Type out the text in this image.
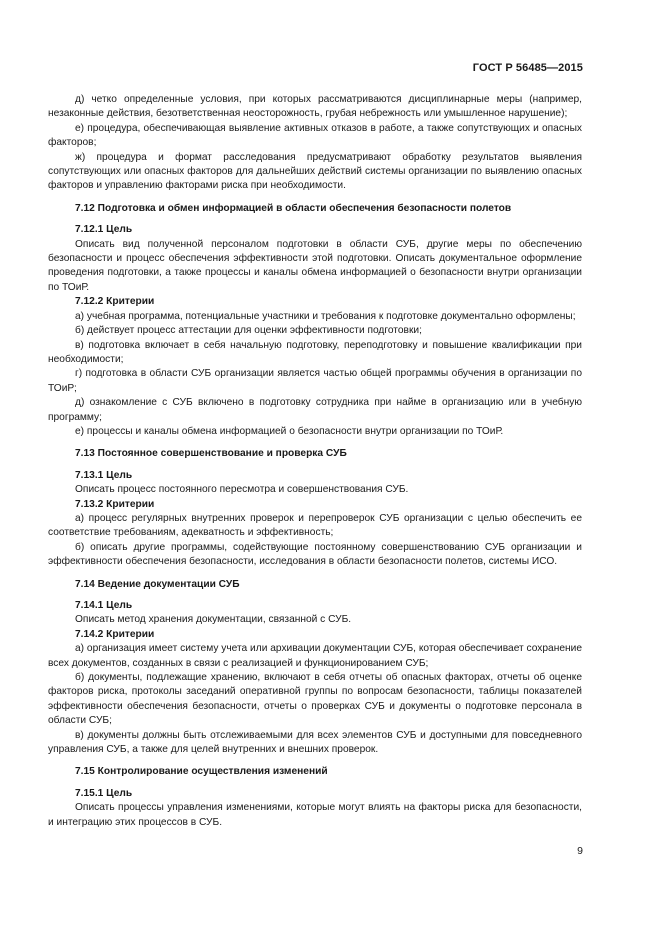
ГОСТ Р 56485—2015

д) четко определенные условия, при которых рассматриваются дисциплинарные меры (например, незаконные действия, безответственная неосторожность, грубая небрежность или умышленное нарушение);

е) процедура, обеспечивающая выявление активных отказов в работе, а также сопутствующих и опасных факторов;

ж) процедура и формат расследования предусматривают обработку результатов выявления сопутствующих или опасных факторов для дальнейших действий системы организации по выявлению опасных факторов и управлению факторами риска при необходимости.

7.12 Подготовка и обмен информацией в области обеспечения безопасности полетов

7.12.1 Цель

Описать вид полученной персоналом подготовки в области СУБ, другие меры по обеспечению безопасности и процесс обеспечения эффективности этой подготовки. Описать документальное оформление проведения подготовки, а также процессы и каналы обмена информацией о безопасности внутри организации по ТОиР.

7.12.2 Критерии

а) учебная программа, потенциальные участники и требования к подготовке документально оформлены;

б) действует процесс аттестации для оценки эффективности подготовки;

в) подготовка включает в себя начальную подготовку, переподготовку и повышение квалификации при необходимости;

г) подготовка в области СУБ организации является частью общей программы обучения в организации по ТОиР;

д) ознакомление с СУБ включено в подготовку сотрудника при найме в организацию или в учебную программу;

е) процессы и каналы обмена информацией о безопасности внутри организации по ТОиР.

7.13 Постоянное совершенствование и проверка СУБ

7.13.1 Цель

Описать процесс постоянного пересмотра и совершенствования СУБ.

7.13.2 Критерии

а) процесс регулярных внутренних проверок и перепроверок СУБ организации с целью обеспечить ее соответствие требованиям, адекватность и эффективность;

б) описать другие программы, содействующие постоянному совершенствованию СУБ организации и эффективности обеспечения безопасности, исследования в области безопасности полетов, системы ИСО.

7.14 Ведение документации СУБ

7.14.1 Цель

Описать метод хранения документации, связанной с СУБ.

7.14.2 Критерии

а) организация имеет систему учета или архивации документации СУБ, которая обеспечивает сохранение всех документов, созданных в связи с реализацией и функционированием СУБ;

б) документы, подлежащие хранению, включают в себя отчеты об опасных факторах, отчеты об оценке факторов риска, протоколы заседаний оперативной группы по вопросам безопасности, таблицы показателей эффективности обеспечения безопасности, отчеты о проверках СУБ и документы о подготовке персонала в области СУБ;

в) документы должны быть отслеживаемыми для всех элементов СУБ и доступными для повседневного управления СУБ, а также для целей внутренних и внешних проверок.

7.15 Контролирование осуществления изменений

7.15.1 Цель

Описать процессы управления изменениями, которые могут влиять на факторы риска для безопасности, и интеграцию этих процессов в СУБ.

9
